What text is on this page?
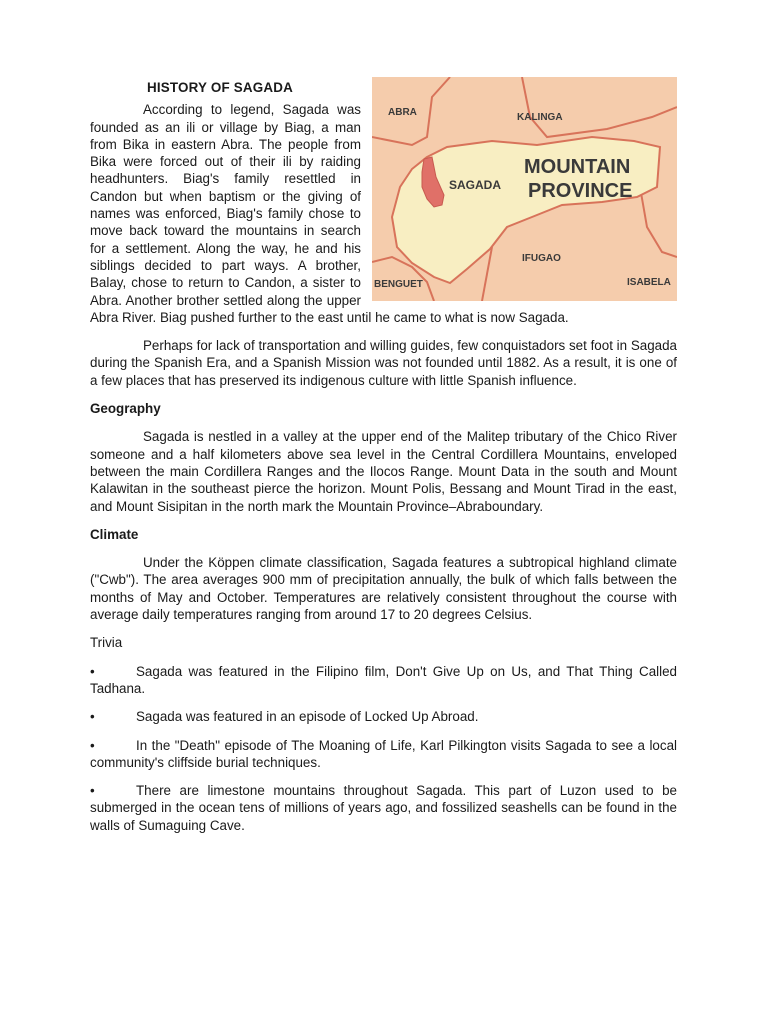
ABRA	KALINGA
MOUNTAIN
PROVINCE
SAGADA
IFUGAO
BENGUET	ISABELA
HISTORY OF SAGADA

According to legend, Sagada was founded as an ili or village by Biag, a man from Bika in eastern Abra. The people from Bika were forced out of their ili by raiding headhunters. Biag's family resettled in Candon but when baptism or the giving of names was enforced, Biag's family chose to move back toward the mountains in search for a settlement. Along the way, he and his siblings decided to part ways. A brother, Balay, chose to return to Candon, a sister to Abra. Another brother settled along the upper Abra River. Biag pushed further to the east until he came to what is now Sagada.

Perhaps for lack of transportation and willing guides, few conquistadors set foot in Sagada during the Spanish Era, and a Spanish Mission was not founded until 1882. As a result, it is one of a few places that has preserved its indigenous culture with little Spanish influence.

Geography

Sagada is nestled in a valley at the upper end of the Malitep tributary of the Chico River someone and a half kilometers above sea level in the Central Cordillera Mountains, enveloped between the main Cordillera Ranges and the Ilocos Range. Mount Data in the south and Mount Kalawitan in the southeast pierce the horizon. Mount Polis, Bessang and Mount Tirad in the east, and Mount Sisipitan in the north mark the Mountain Province–Abraboundary.

Climate

Under the Köppen climate classification, Sagada features a subtropical highland climate ("Cwb"). The area averages 900 mm of precipitation annually, the bulk of which falls between the months of May and October. Temperatures are relatively consistent throughout the course with average daily temperatures ranging from around 17 to 20 degrees Celsius.

Trivia
•	Sagada was featured in the Filipino film, Don't Give Up on Us, and That Thing Called Tadhana.
•	Sagada was featured in an episode of Locked Up Abroad.
•	In the "Death" episode of The Moaning of Life, Karl Pilkington visits Sagada to see a local community's cliffside burial techniques.
•	There are limestone mountains throughout Sagada. This part of Luzon used to be submerged in the ocean tens of millions of years ago, and fossilized seashells can be found in the walls of Sumaguing Cave.
